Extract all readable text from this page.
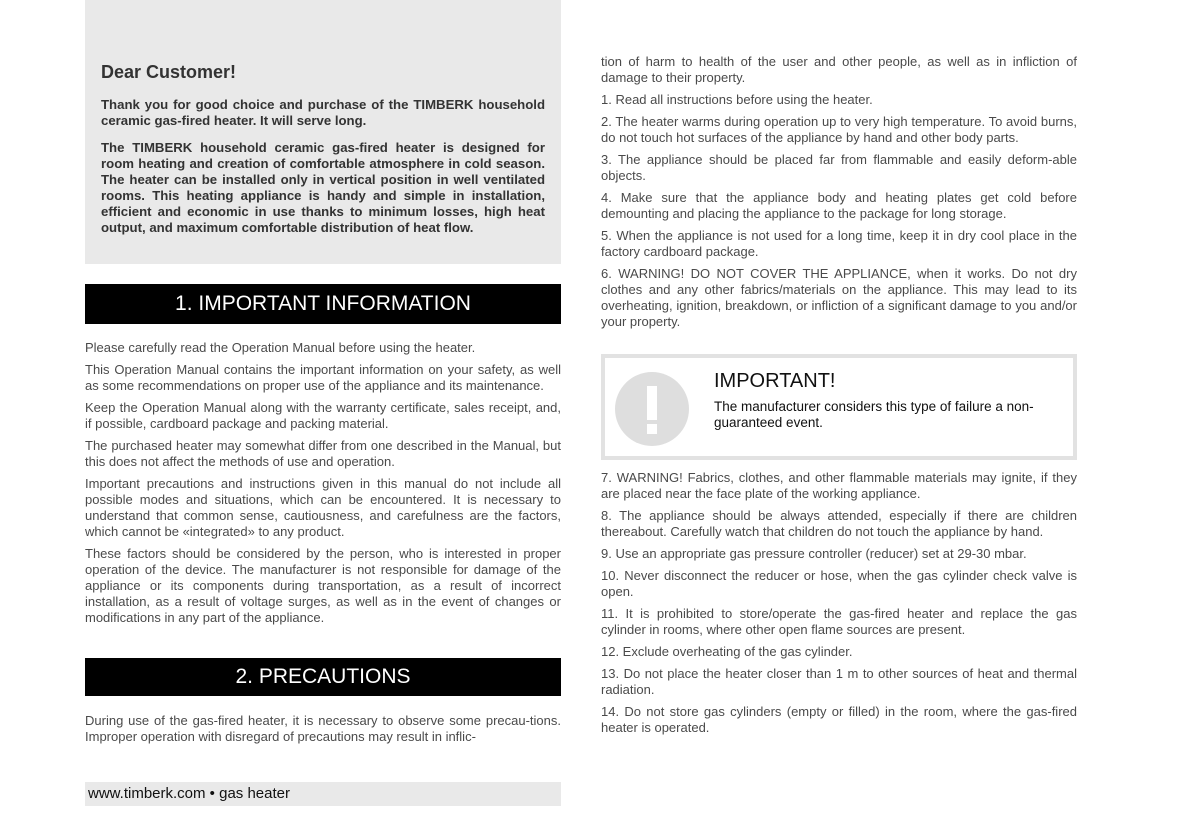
Dear Customer!

Thank you for good choice and purchase of the TIMBERK household ceramic gas-fired heater. It will serve long.

The TIMBERK household ceramic gas-fired heater is designed for room heating and creation of comfortable atmosphere in cold season. The heater can be installed only in vertical position in well ventilated rooms. This heating appliance is handy and simple in installation, efficient and economic in use thanks to minimum losses, high heat output, and maximum comfortable distribution of heat flow.

1. IMPORTANT INFORMATION

Please carefully read the Operation Manual before using the heater.

This Operation Manual contains the important information on your safety, as well as some recommendations on proper use of the appliance and its maintenance.

Keep the Operation Manual along with the warranty certificate, sales receipt, and, if possible, cardboard package and packing material.

The purchased heater may somewhat differ from one described in the Manual, but this does not affect the methods of use and operation.

Important precautions and instructions given in this manual do not include all possible modes and situations, which can be encountered. It is necessary to understand that common sense, cautiousness, and carefulness are the factors, which cannot be «integrated» to any product.

These factors should be considered by the person, who is interested in proper operation of the device. The manufacturer is not responsible for damage of the appliance or its components during transportation, as a result of incorrect installation, as a result of voltage surges, as well as in the event of changes or modifications in any part of the appliance.

2. PRECAUTIONS

During use of the gas-fired heater, it is necessary to observe some precau-tions. Improper operation with disregard of precautions may result in inflic-

tion of harm to health of the user and other people, as well as in infliction of damage to their property.

1. Read all instructions before using the heater.

2. The heater warms during operation up to very high temperature. To avoid burns, do not touch hot surfaces of the appliance by hand and other body parts.

3. The appliance should be placed far from flammable and easily deform-able objects.

4. Make sure that the appliance body and heating plates get cold before demounting and placing the appliance to the package for long storage.

5. When the appliance is not used for a long time, keep it in dry cool place in the factory cardboard package.

6. WARNING! DO NOT COVER THE APPLIANCE, when it works. Do not dry clothes and any other fabrics/materials on the appliance. This may lead to its overheating, ignition, breakdown, or infliction of a significant damage to you and/or your property.

IMPORTANT!
The manufacturer considers this type of failure a non-guaranteed event.

7. WARNING! Fabrics, clothes, and other flammable materials may ignite, if they are placed near the face plate of the working appliance.

8. The appliance should be always attended, especially if there are children thereabout. Carefully watch that children do not touch the appliance by hand.

9. Use an appropriate gas pressure controller (reducer) set at 29-30 mbar.

10. Never disconnect the reducer or hose, when the gas cylinder check valve is open.

11. It is prohibited to store/operate the gas-fired heater and replace the gas cylinder in rooms, where other open flame sources are present.

12. Exclude overheating of the gas cylinder.

13. Do not place the heater closer than 1 m to other sources of heat and thermal radiation.

14. Do not store gas cylinders (empty or filled) in the room, where the gas-fired heater is operated.

www.timberk.com • gas heater
